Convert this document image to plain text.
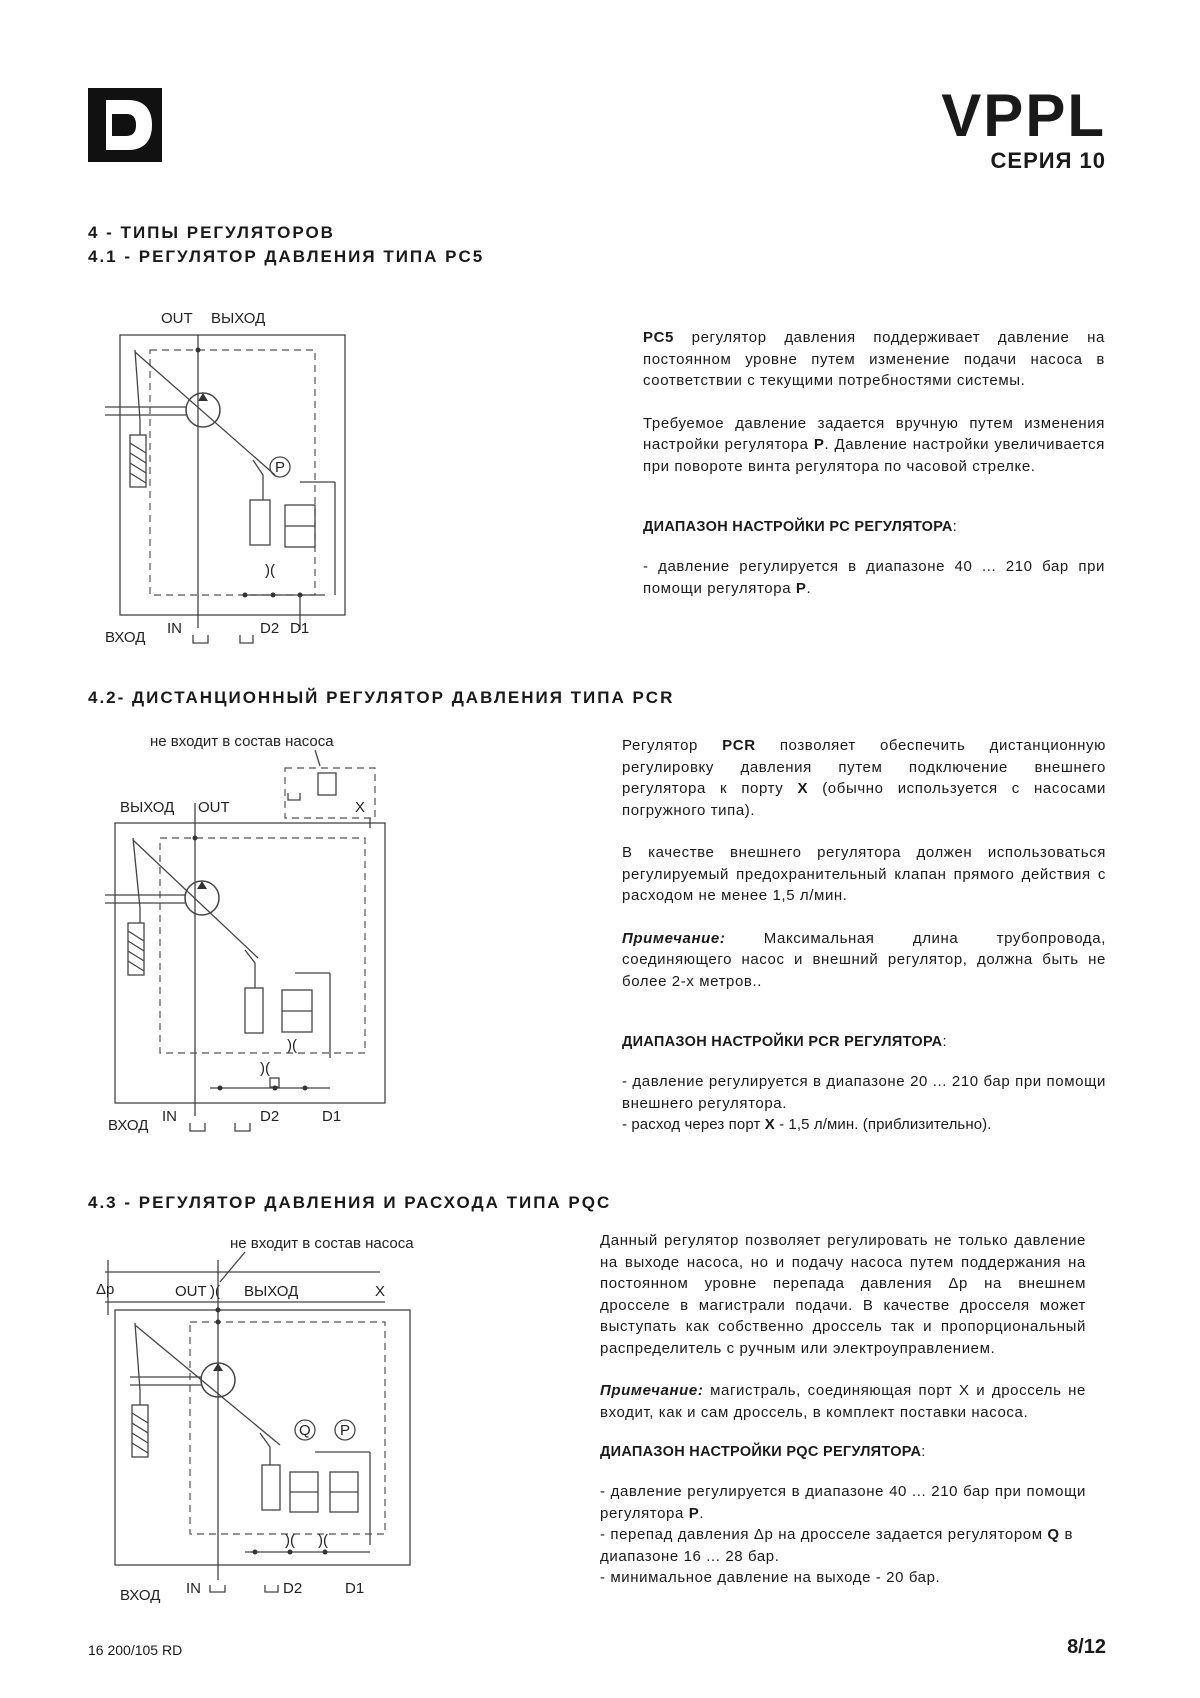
VPPL
СЕРИЯ 10
4 - ТИПЫ РЕГУЛЯТОРОВ
4.1 - РЕГУЛЯТОР ДАВЛЕНИЯ ТИПА PC5
OUT ВЫХОД
P
)(
ВХОД
IN	D2 D1

PC5 регулятор давления поддерживает давление на постоянном уровне путем изменение подачи насоса в соответствии с текущими потребностями системы.

Требуемое давление задается вручную путем изменения настройки регулятора P. Давление настройки увеличивается при повороте винта регулятора по часовой стрелке.

ДИАПАЗОН НАСТРОЙКИ PC РЕГУЛЯТОРА:

- давление регулируется в диапазоне 40 ... 210 бар при помощи регулятора P.

4.2- ДИСТАНЦИОННЫЙ РЕГУЛЯТОР ДАВЛЕНИЯ ТИПА PCR
не входит в состав насоса
X
ВЫХОД OUT
)(
)(
ВХОД
IN	D2	D1

Регулятор PCR позволяет обеспечить дистанционную регулировку давления путем подключение внешнего регулятора к порту X (обычно используется с насосами погружного типа).

В качестве внешнего регулятора должен использоваться регулируемый предохранительный клапан прямого действия с расходом не менее 1,5 л/мин.

Примечание: Максимальная длина трубопровода, соединяющего насос и внешний регулятор, должна быть не более 2-х метров..

ДИАПАЗОН НАСТРОЙКИ PCR РЕГУЛЯТОРА:

- давление регулируется в диапазоне 20 ... 210 бар при помощи внешнего регулятора.

- расход через порт X - 1,5 л/мин. (приблизительно).

4.3 - РЕГУЛЯТОР ДАВЛЕНИЯ И РАСХОДА ТИПА PQC
не входит в состав насоса
Δp	OUT )( ВЫХОД	X
Q P
)( )(
ВХОД IN	D2	D1

Данный регулятор позволяет регулировать не только давление на выходе насоса, но и подачу насоса путем поддержания на постоянном уровне перепада давления Δp на внешнем дросселе в магистрали подачи. В качестве дросселя может выступать как собственно дроссель так и пропорциональный распределитель с ручным или электроуправлением.

Примечание: магистраль, соединяющая порт X и дроссель не входит, как и сам дроссель, в комплект поставки насоса.

ДИАПАЗОН НАСТРОЙКИ PQC РЕГУЛЯТОРА:

- давление регулируется в диапазоне 40 ... 210 бар при помощи регулятора P.

- перепад давления Δp на дросселе задается регулятором Q в диапазоне 16 ... 28 бар.

- минимальное давление на выходе - 20 бар.

16 200/105 RD	8/12
